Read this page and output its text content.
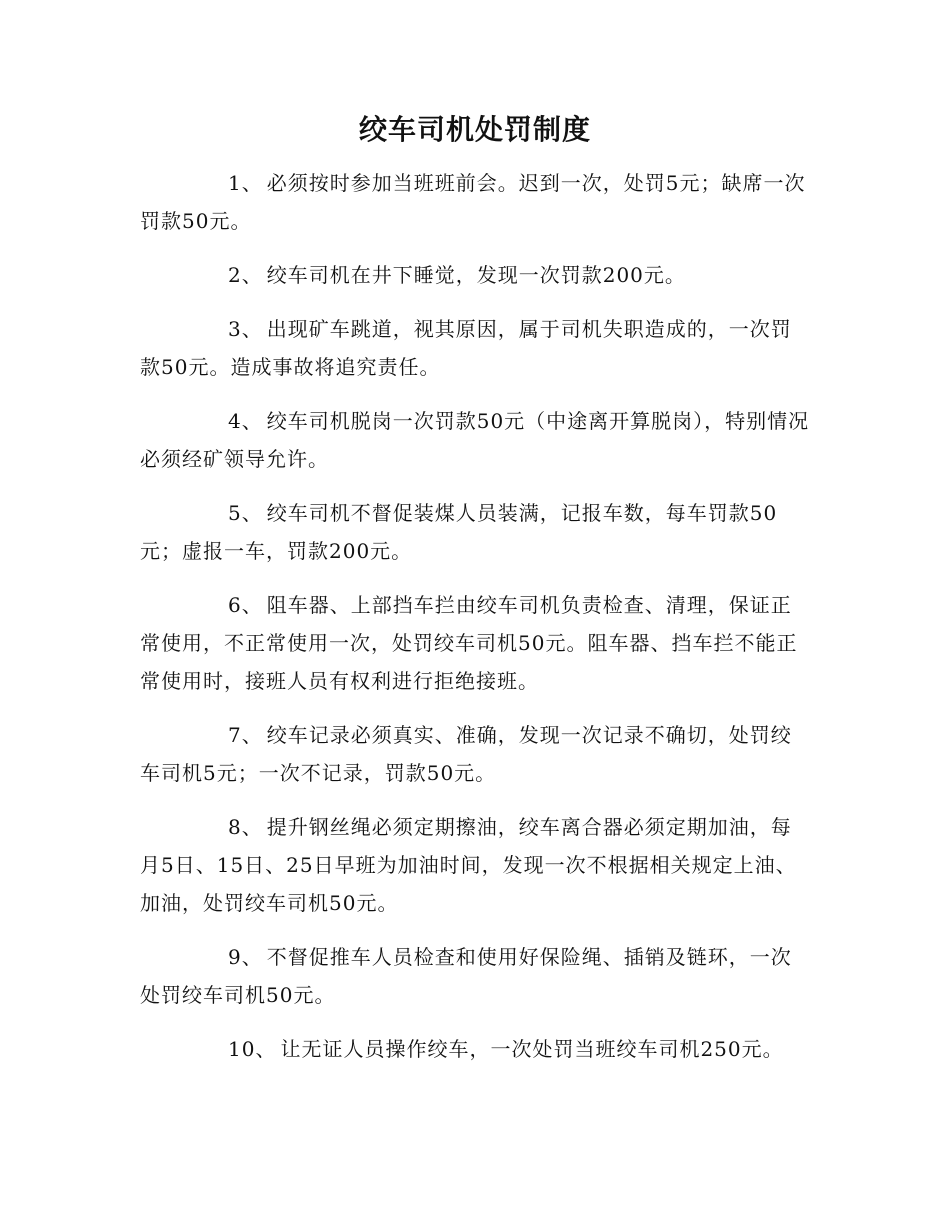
绞车司机处罚制度

1、 必须按时参加当班班前会。迟到一次，处罚5元；缺席一次罚款50元。

2、 绞车司机在井下睡觉，发现一次罚款200元。

3、 出现矿车跳道，视其原因，属于司机失职造成的，一次罚款50元。造成事故将追究责任。

4、 绞车司机脱岗一次罚款50元（中途离开算脱岗），特别情况必须经矿领导允许。

5、 绞车司机不督促装煤人员装满，记报车数，每车罚款50元；虚报一车，罚款200元。

6、 阻车器、上部挡车拦由绞车司机负责检查、清理，保证正常使用，不正常使用一次，处罚绞车司机50元。阻车器、挡车拦不能正常使用时，接班人员有权利进行拒绝接班。

7、 绞车记录必须真实、准确，发现一次记录不确切，处罚绞车司机5元；一次不记录，罚款50元。

8、 提升钢丝绳必须定期擦油，绞车离合器必须定期加油，每月5日、15日、25日早班为加油时间，发现一次不根据相关规定上油、加油，处罚绞车司机50元。

9、 不督促推车人员检查和使用好保险绳、插销及链环，一次处罚绞车司机50元。

10、 让无证人员操作绞车，一次处罚当班绞车司机250元。
